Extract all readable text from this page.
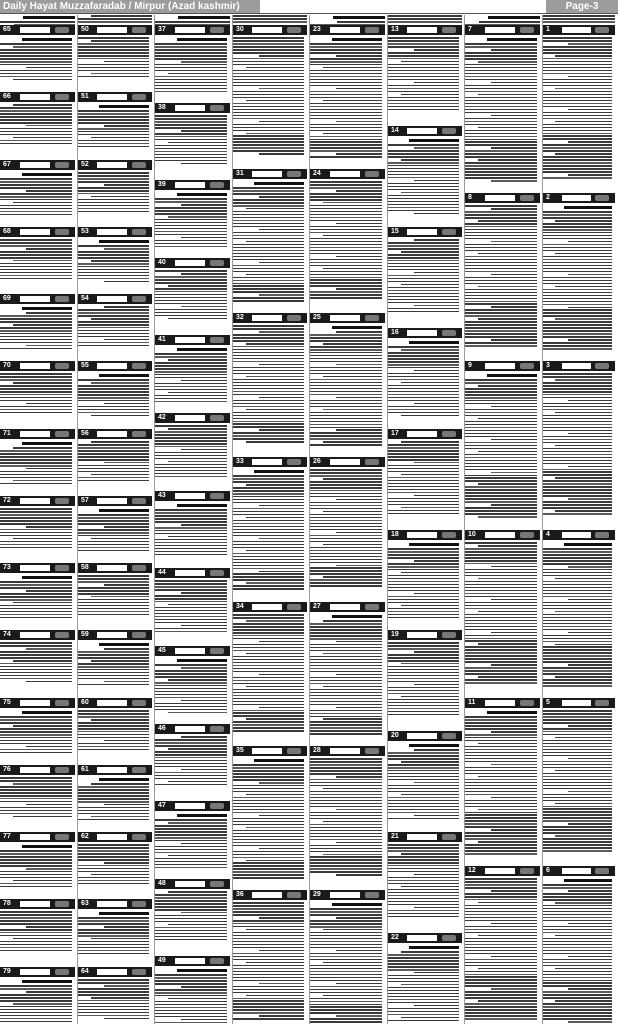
Daily Hayat Muzzafaradab / Mirpur (Azad kashmir)	Page-3
65
66
67
68
69
70
71
72
73
74
75
76
77
78
79
50
51
52
53
54
55
56
57
58
59
60
61
62
63
64
37
38
39
40
41
42
43
44
45
46
47
48
49
30
31
32
33
34
35
36
23
24
25
26
27
28
29
13
14
15
16
17
18
19
20
21
22
7
8
9
10
11
12
1
2
3
4
5
6
